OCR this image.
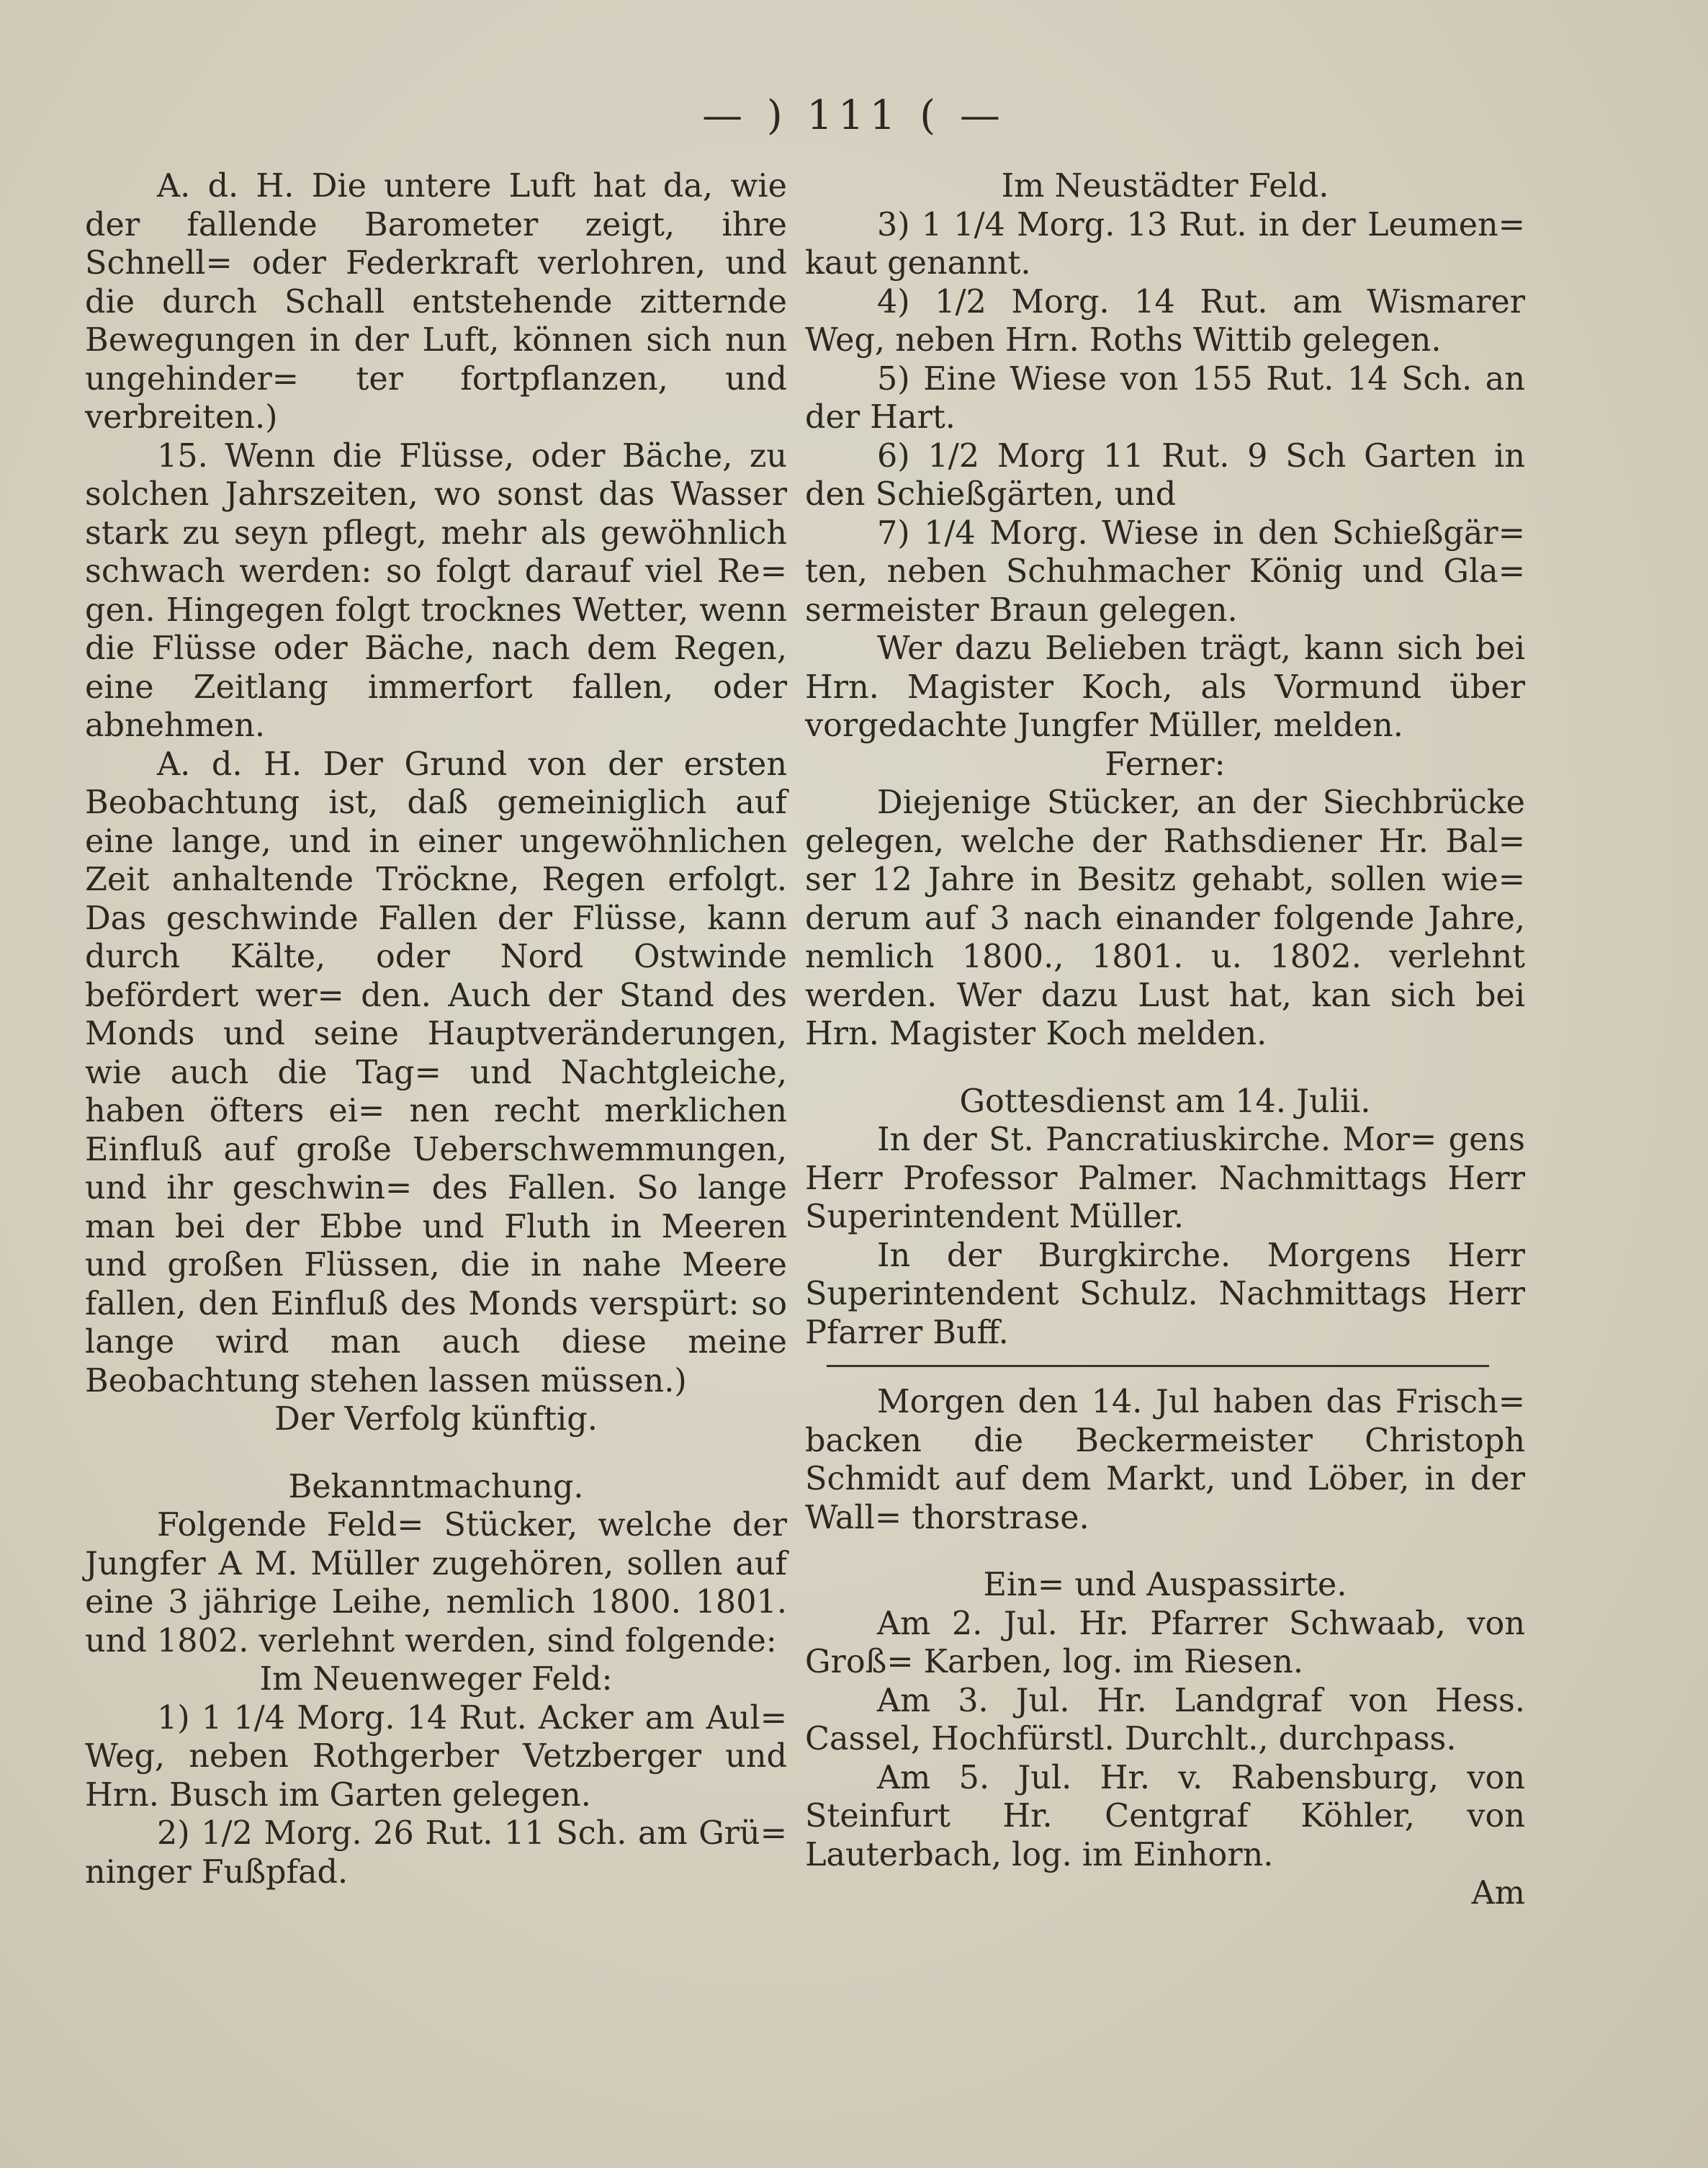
— ) 111 ( —

A. d. H. Die untere Luft hat da, wie der fallende Barometer zeigt, ihre Schnell= oder Federkraft verlohren, und die durch Schall entstehende zitternde Bewegungen in der Luft, können sich nun ungehinder= ter fortpflanzen, und verbreiten.)

15. Wenn die Flüsse, oder Bäche, zu solchen Jahrszeiten, wo sonst das Wasser stark zu seyn pflegt, mehr als gewöhnlich schwach werden: so folgt darauf viel Re= gen. Hingegen folgt trocknes Wetter, wenn die Flüsse oder Bäche, nach dem Regen, eine Zeitlang immerfort fallen, oder abnehmen.

A. d. H. Der Grund von der ersten Beobachtung ist, daß gemeiniglich auf eine lange, und in einer ungewöhnlichen Zeit anhaltende Tröckne, Regen erfolgt. Das geschwinde Fallen der Flüsse, kann durch Kälte, oder Nord Ostwinde befördert wer= den. Auch der Stand des Monds und seine Hauptveränderungen, wie auch die Tag= und Nachtgleiche, haben öfters ei= nen recht merklichen Einfluß auf große Ueberschwemmungen, und ihr geschwin= des Fallen. So lange man bei der Ebbe und Fluth in Meeren und großen Flüssen, die in nahe Meere fallen, den Einfluß des Monds verspürt: so lange wird man auch diese meine Beobachtung stehen lassen müssen.)

Der Verfolg künftig.

Bekanntmachung.

Folgende Feld= Stücker, welche der Jungfer A M. Müller zugehören, sollen auf eine 3 jährige Leihe, nemlich 1800. 1801. und 1802. verlehnt werden, sind folgende:

Im Neuenweger Feld:

1) 1 1/4 Morg. 14 Rut. Acker am Aul= Weg, neben Rothgerber Vetzberger und Hrn. Busch im Garten gelegen.

2) 1/2 Morg. 26 Rut. 11 Sch. am Grü= ninger Fußpfad.

Im Neustädter Feld.

3) 1 1/4 Morg. 13 Rut. in der Leumen= kaut genannt.

4) 1/2 Morg. 14 Rut. am Wismarer Weg, neben Hrn. Roths Wittib gelegen.

5) Eine Wiese von 155 Rut. 14 Sch. an der Hart.

6) 1/2 Morg 11 Rut. 9 Sch Garten in den Schießgärten, und

7) 1/4 Morg. Wiese in den Schießgär= ten, neben Schuhmacher König und Gla= sermeister Braun gelegen.

Wer dazu Belieben trägt, kann sich bei Hrn. Magister Koch, als Vormund über vorgedachte Jungfer Müller, melden.

Ferner:

Diejenige Stücker, an der Siechbrücke gelegen, welche der Rathsdiener Hr. Bal= ser 12 Jahre in Besitz gehabt, sollen wie= derum auf 3 nach einander folgende Jahre, nemlich 1800., 1801. u. 1802. verlehnt werden. Wer dazu Lust hat, kan sich bei Hrn. Magister Koch melden.

Gottesdienst am 14. Julii.

In der St. Pancratiuskirche. Mor= gens Herr Professor Palmer. Nachmittags Herr Superintendent Müller.

In der Burgkirche. Morgens Herr Superintendent Schulz. Nachmittags Herr Pfarrer Buff.

Morgen den 14. Jul haben das Frisch= backen die Beckermeister Christoph Schmidt auf dem Markt, und Löber, in der Wall= thorstrase.

Ein= und Auspassirte.

Am 2. Jul. Hr. Pfarrer Schwaab, von Groß= Karben, log. im Riesen.

Am 3. Jul. Hr. Landgraf von Hess. Cassel, Hochfürstl. Durchlt., durchpass.

Am 5. Jul. Hr. v. Rabensburg, von Steinfurt Hr. Centgraf Köhler, von Lauterbach, log. im Einhorn.

Am
